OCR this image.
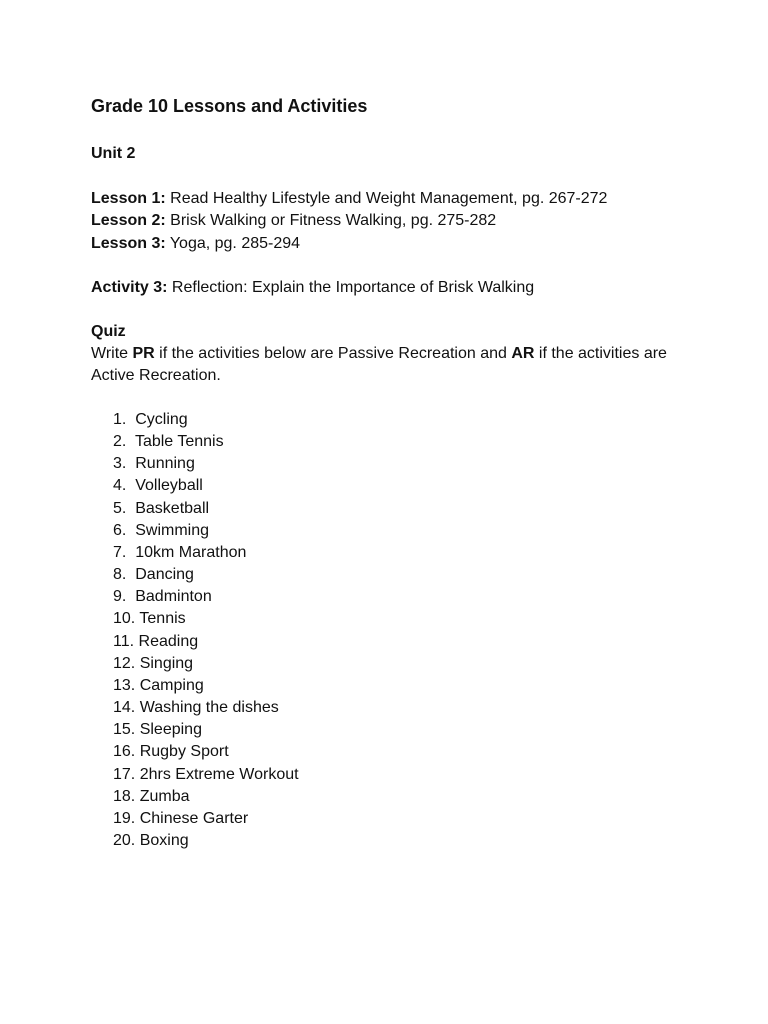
Grade 10 Lessons and Activities
Unit 2
Lesson 1: Read Healthy Lifestyle and Weight Management, pg. 267-272
Lesson 2: Brisk Walking or Fitness Walking, pg. 275-282
Lesson 3: Yoga, pg. 285-294
Activity 3: Reflection: Explain the Importance of Brisk Walking
Quiz
Write PR if the activities below are Passive Recreation and AR if the activities are Active Recreation.
1. Cycling
2. Table Tennis
3. Running
4. Volleyball
5. Basketball
6. Swimming
7. 10km Marathon
8. Dancing
9. Badminton
10. Tennis
11. Reading
12. Singing
13. Camping
14. Washing the dishes
15. Sleeping
16. Rugby Sport
17. 2hrs Extreme Workout
18. Zumba
19. Chinese Garter
20. Boxing
